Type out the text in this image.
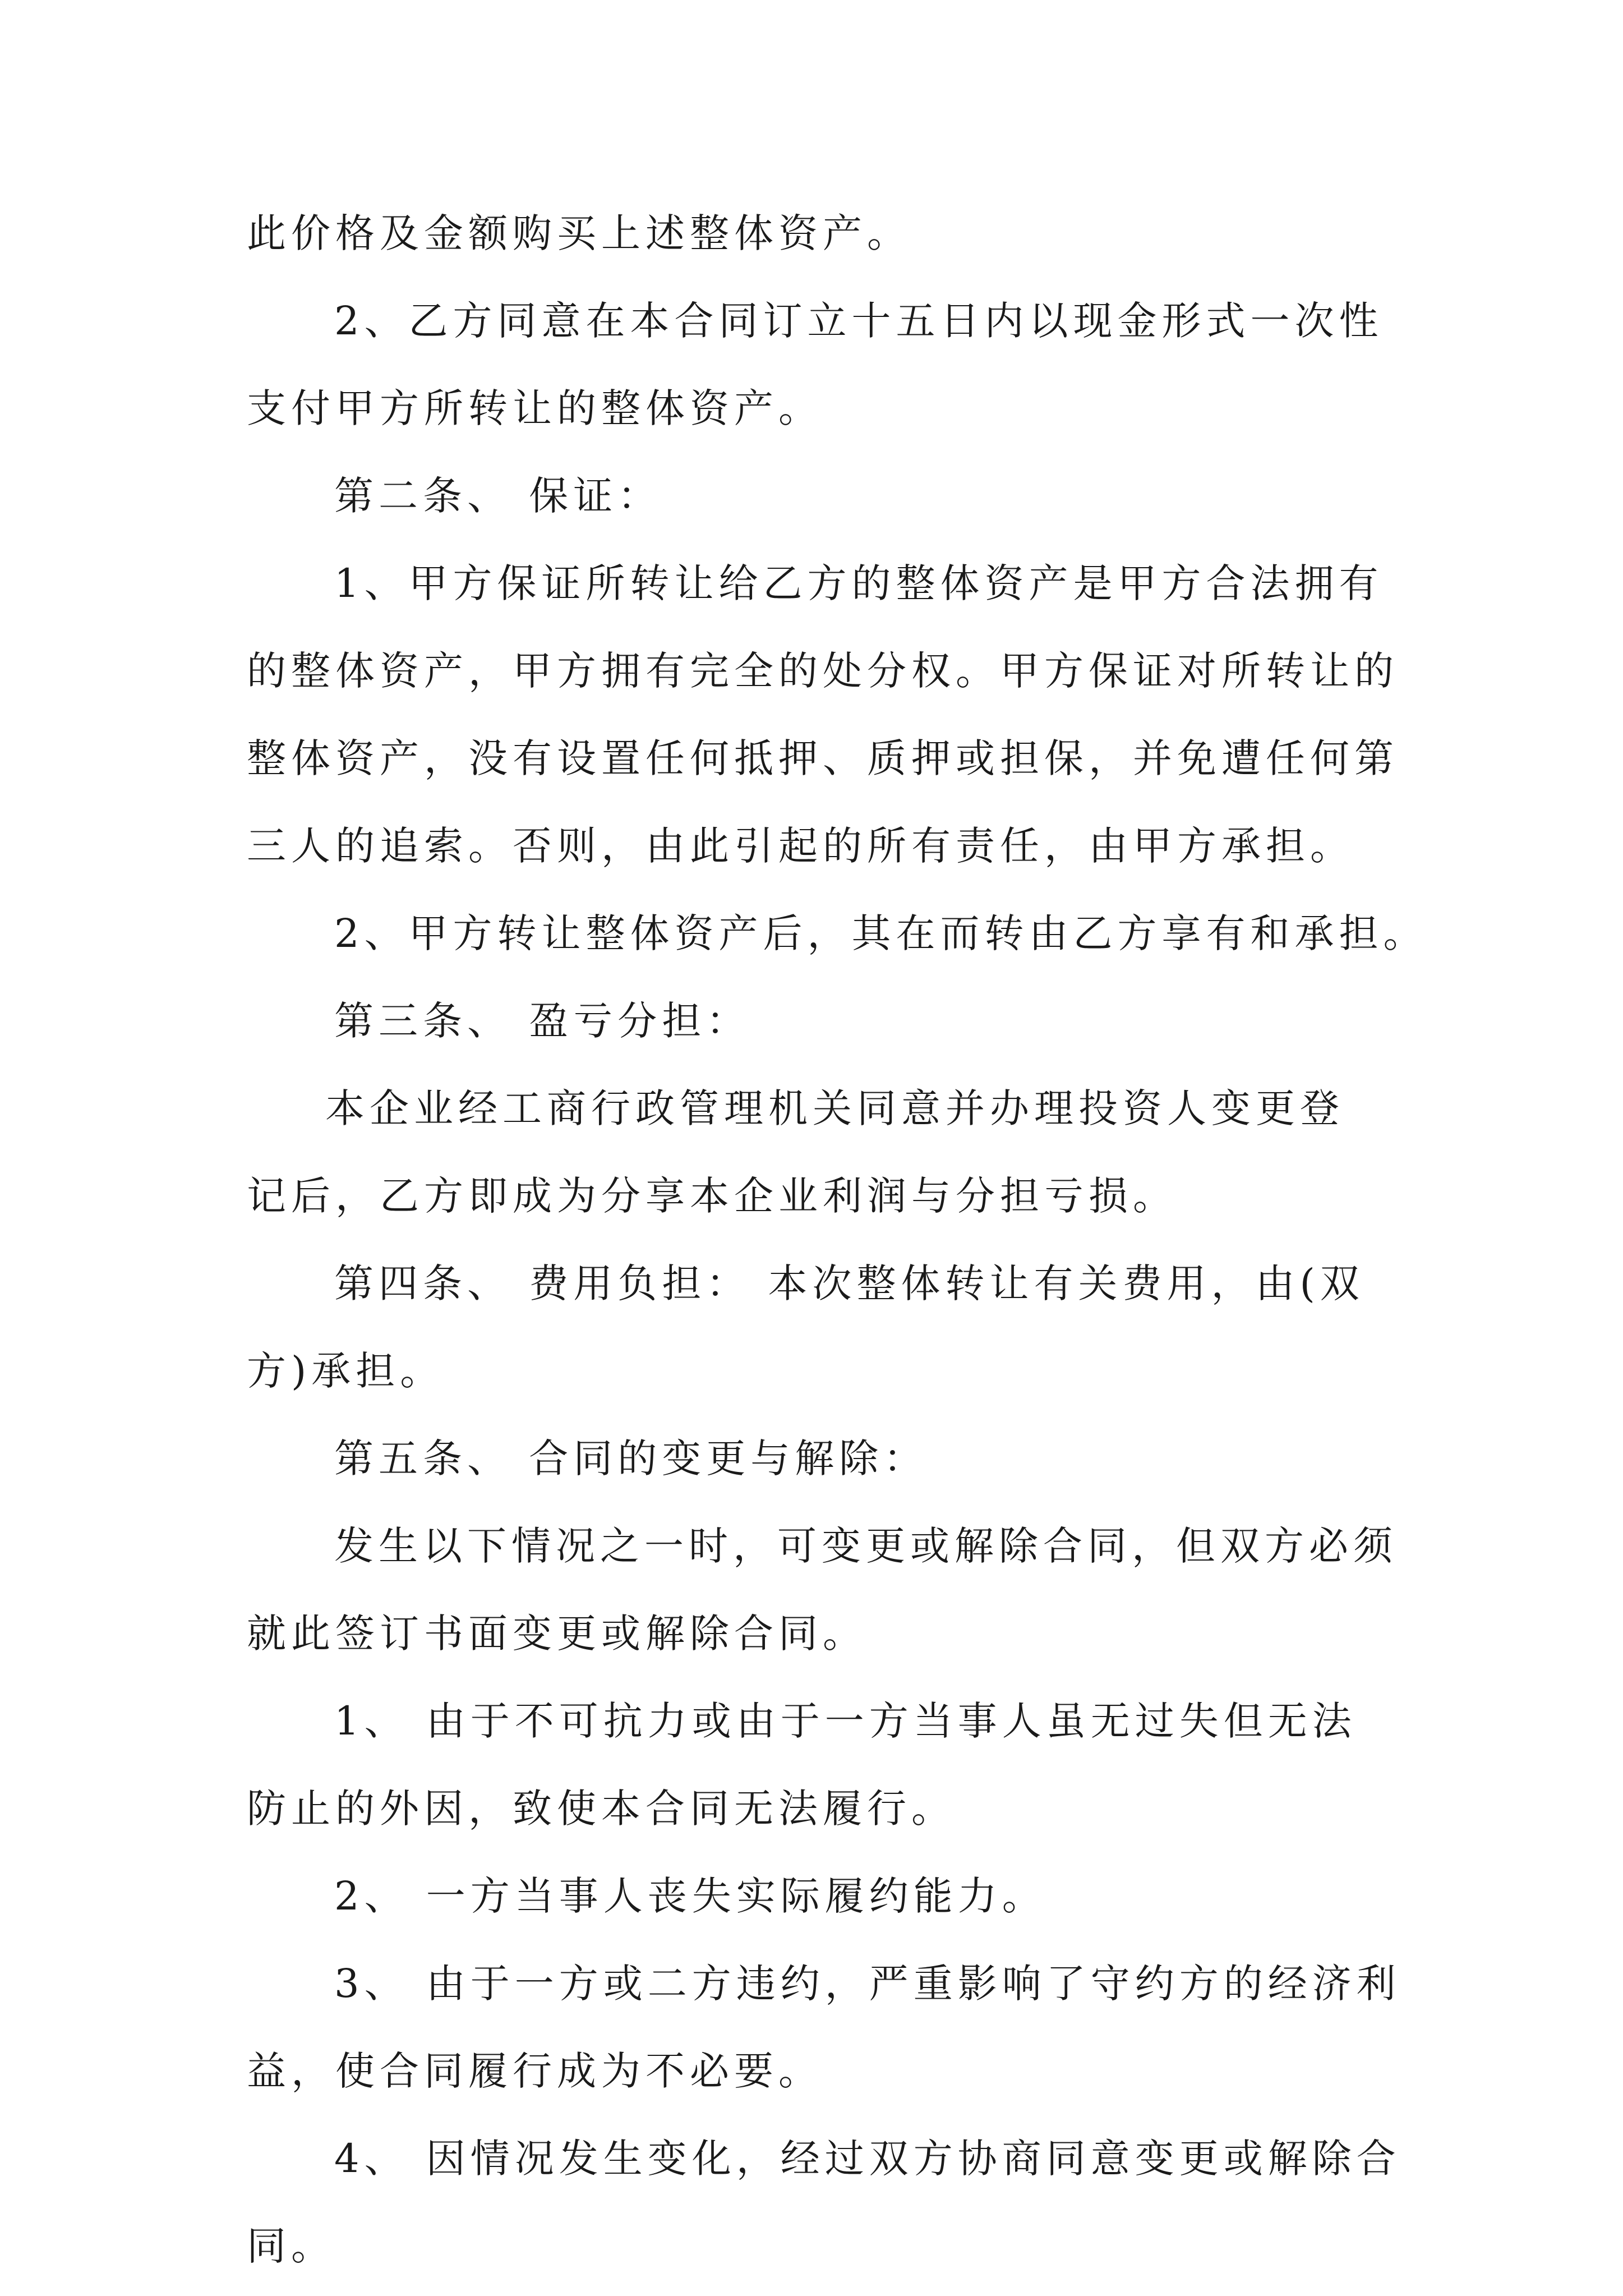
此价格及金额购买上述整体资产。

2、乙方同意在本合同订立十五日内以现金形式一次性

支付甲方所转让的整体资产。

第二条、 保证：

1、甲方保证所转让给乙方的整体资产是甲方合法拥有

的整体资产，甲方拥有完全的处分权。甲方保证对所转让的

整体资产，没有设置任何抵押、质押或担保，并免遭任何第

三人的追索。否则，由此引起的所有责任，由甲方承担。

2、甲方转让整体资产后，其在而转由乙方享有和承担。

第三条、 盈亏分担：

本企业经工商行政管理机关同意并办理投资人变更登

记后，乙方即成为分享本企业利润与分担亏损。

第四条、 费用负担： 本次整体转让有关费用，由(双

方)承担。

第五条、 合同的变更与解除：

发生以下情况之一时，可变更或解除合同，但双方必须

就此签订书面变更或解除合同。

1、 由于不可抗力或由于一方当事人虽无过失但无法

防止的外因，致使本合同无法履行。

2、 一方当事人丧失实际履约能力。

3、 由于一方或二方违约，严重影响了守约方的经济利

益，使合同履行成为不必要。

4、 因情况发生变化，经过双方协商同意变更或解除合

同。
